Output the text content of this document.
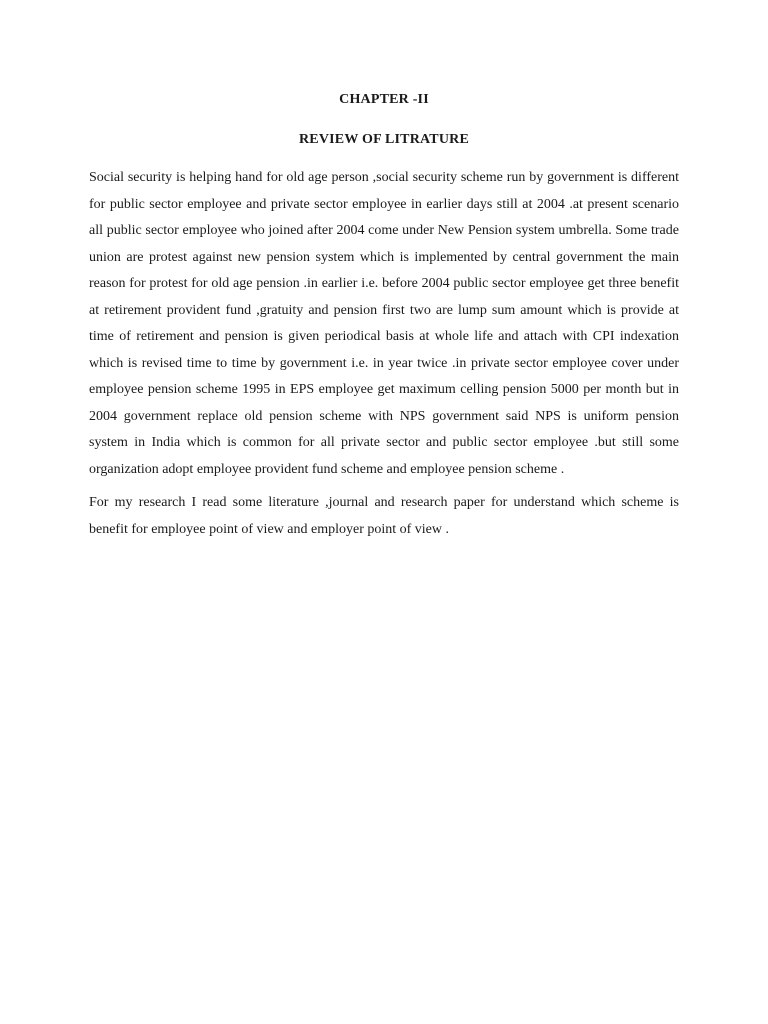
CHAPTER -II
REVIEW OF LITRATURE

Social security is helping hand for old age person ,social security scheme run by government is different for public sector employee and private sector employee in earlier days still at 2004 .at present scenario all public sector employee who joined after 2004 come under New Pension system umbrella. Some trade union are protest against new pension system which is implemented by central government the main reason for protest for old age pension .in earlier i.e. before 2004 public sector employee get three benefit at retirement provident fund ,gratuity and pension first two are lump sum amount which is provide at time of retirement and pension is given periodical basis at whole life and attach with CPI indexation which is revised time to time by government i.e. in year twice .in private sector employee cover under employee pension scheme 1995 in EPS employee get maximum celling pension 5000 per month but in 2004 government replace old pension scheme with NPS government said NPS is uniform pension system in India which is common for all private sector and public sector employee .but still some organization adopt employee provident fund scheme and employee pension scheme .

For my research I read some literature ,journal and research paper for understand which scheme is benefit for employee point of view and employer point of view .
